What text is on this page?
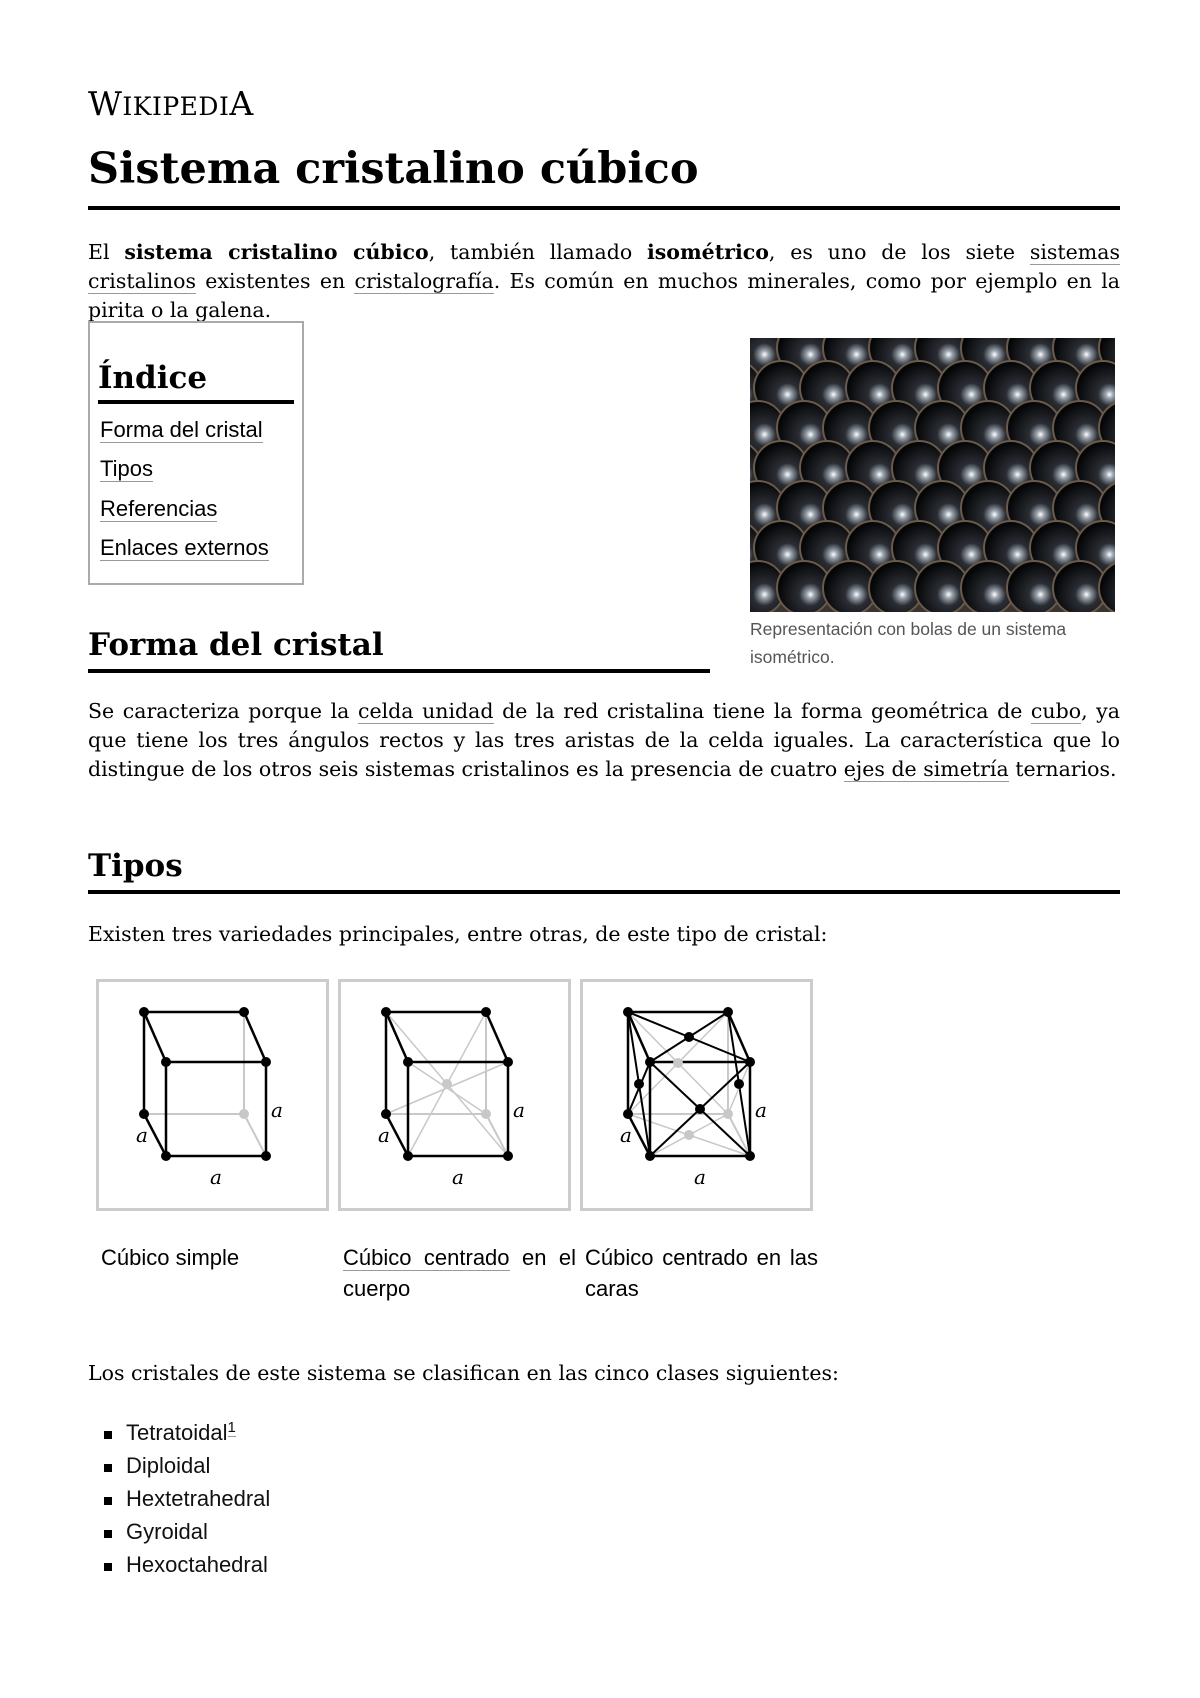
WIKIPEDIA
Sistema cristalino cúbico

El sistema cristalino cúbico, también llamado isométrico, es uno de los siete sistemas cristalinos existentes en cristalografía. Es común en muchos minerales, como por ejemplo en la pirita o la galena.

Índice
Forma del cristal
Tipos
Referencias
Enlaces externos
Representación con bolas de un sistema isométrico.
Forma del cristal

Se caracteriza porque la celda unidad de la red cristalina tiene la forma geométrica de cubo, ya que tiene los tres ángulos rectos y las tres aristas de la celda iguales. La característica que lo distingue de los otros seis sistemas cristalinos es la presencia de cuatro ejes de simetría ternarios.

Tipos

Existen tres variedades principales, entre otras, de este tipo de cristal:

a
a
a
Cúbico simple
a
a
a
Cúbico centrado en el cuerpo
a
a
a
Cúbico centrado en las caras

Los cristales de este sistema se clasifican en las cinco clases siguientes:

Tetratoidal$^1$
Diploidal
Hextetrahedral
Gyroidal
Hexoctahedral
